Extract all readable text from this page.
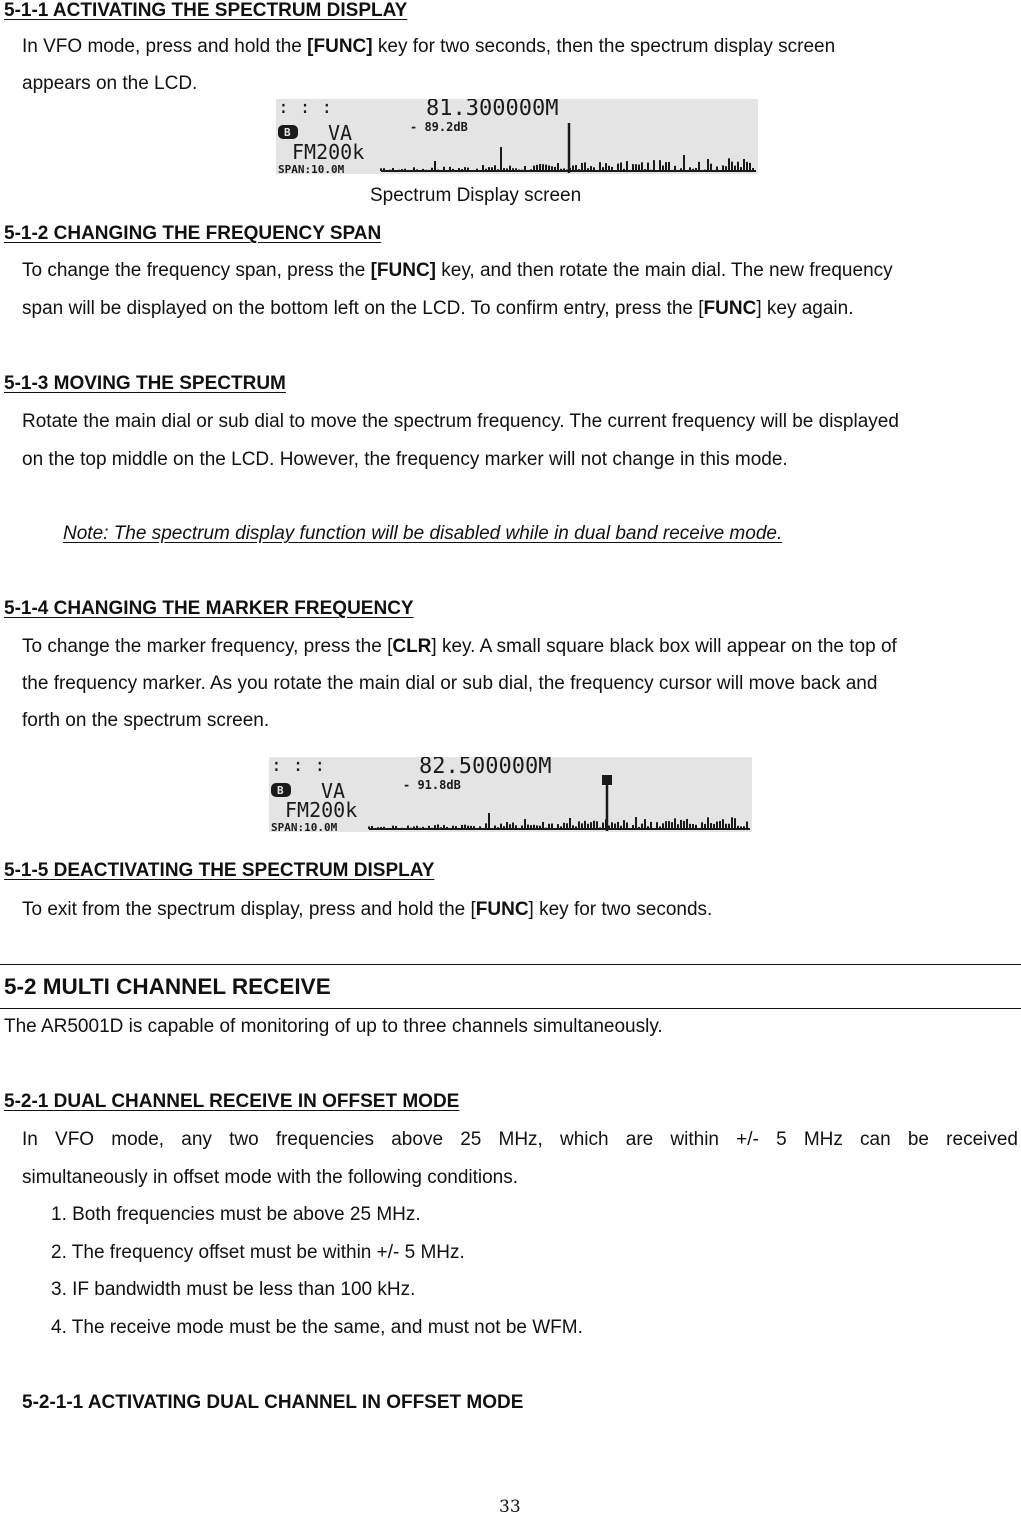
5-1-1 ACTIVATING THE SPECTRUM DISPLAY
In VFO mode, press and hold the [FUNC] key for two seconds, then the spectrum display screen
appears on the LCD.
: : :	81.300000M
- 89.2dB
B VA
FM200k
SPAN:10.0M
Spectrum Display screen
5-1-2 CHANGING THE FREQUENCY SPAN
To change the frequency span, press the [FUNC] key, and then rotate the main dial. The new frequency
span will be displayed on the bottom left on the LCD. To confirm entry, press the [FUNC] key again.
5-1-3 MOVING THE SPECTRUM
Rotate the main dial or sub dial to move the spectrum frequency. The current frequency will be displayed
on the top middle on the LCD. However, the frequency marker will not change in this mode.
Note: The spectrum display function will be disabled while in dual band receive mode.
5-1-4 CHANGING THE MARKER FREQUENCY
To change the marker frequency, press the [CLR] key. A small square black box will appear on the top of
the frequency marker. As you rotate the main dial or sub dial, the frequency cursor will move back and
forth on the spectrum screen.
: : :	82.500000M
- 91.8dB
B VA
FM200k
SPAN:10.0M
5-1-5 DEACTIVATING THE SPECTRUM DISPLAY
To exit from the spectrum display, press and hold the [FUNC] key for two seconds.
5-2 MULTI CHANNEL RECEIVE
The AR5001D is capable of monitoring of up to three channels simultaneously.
5-2-1 DUAL CHANNEL RECEIVE IN OFFSET MODE
In VFO mode, any two frequencies above 25 MHz, which are within +/- 5 MHz can be received
simultaneously in offset mode with the following conditions.
1. Both frequencies must be above 25 MHz.
2. The frequency offset must be within +/- 5 MHz.
3. IF bandwidth must be less than 100 kHz.
4. The receive mode must be the same, and must not be WFM.
5-2-1-1 ACTIVATING DUAL CHANNEL IN OFFSET MODE
33
